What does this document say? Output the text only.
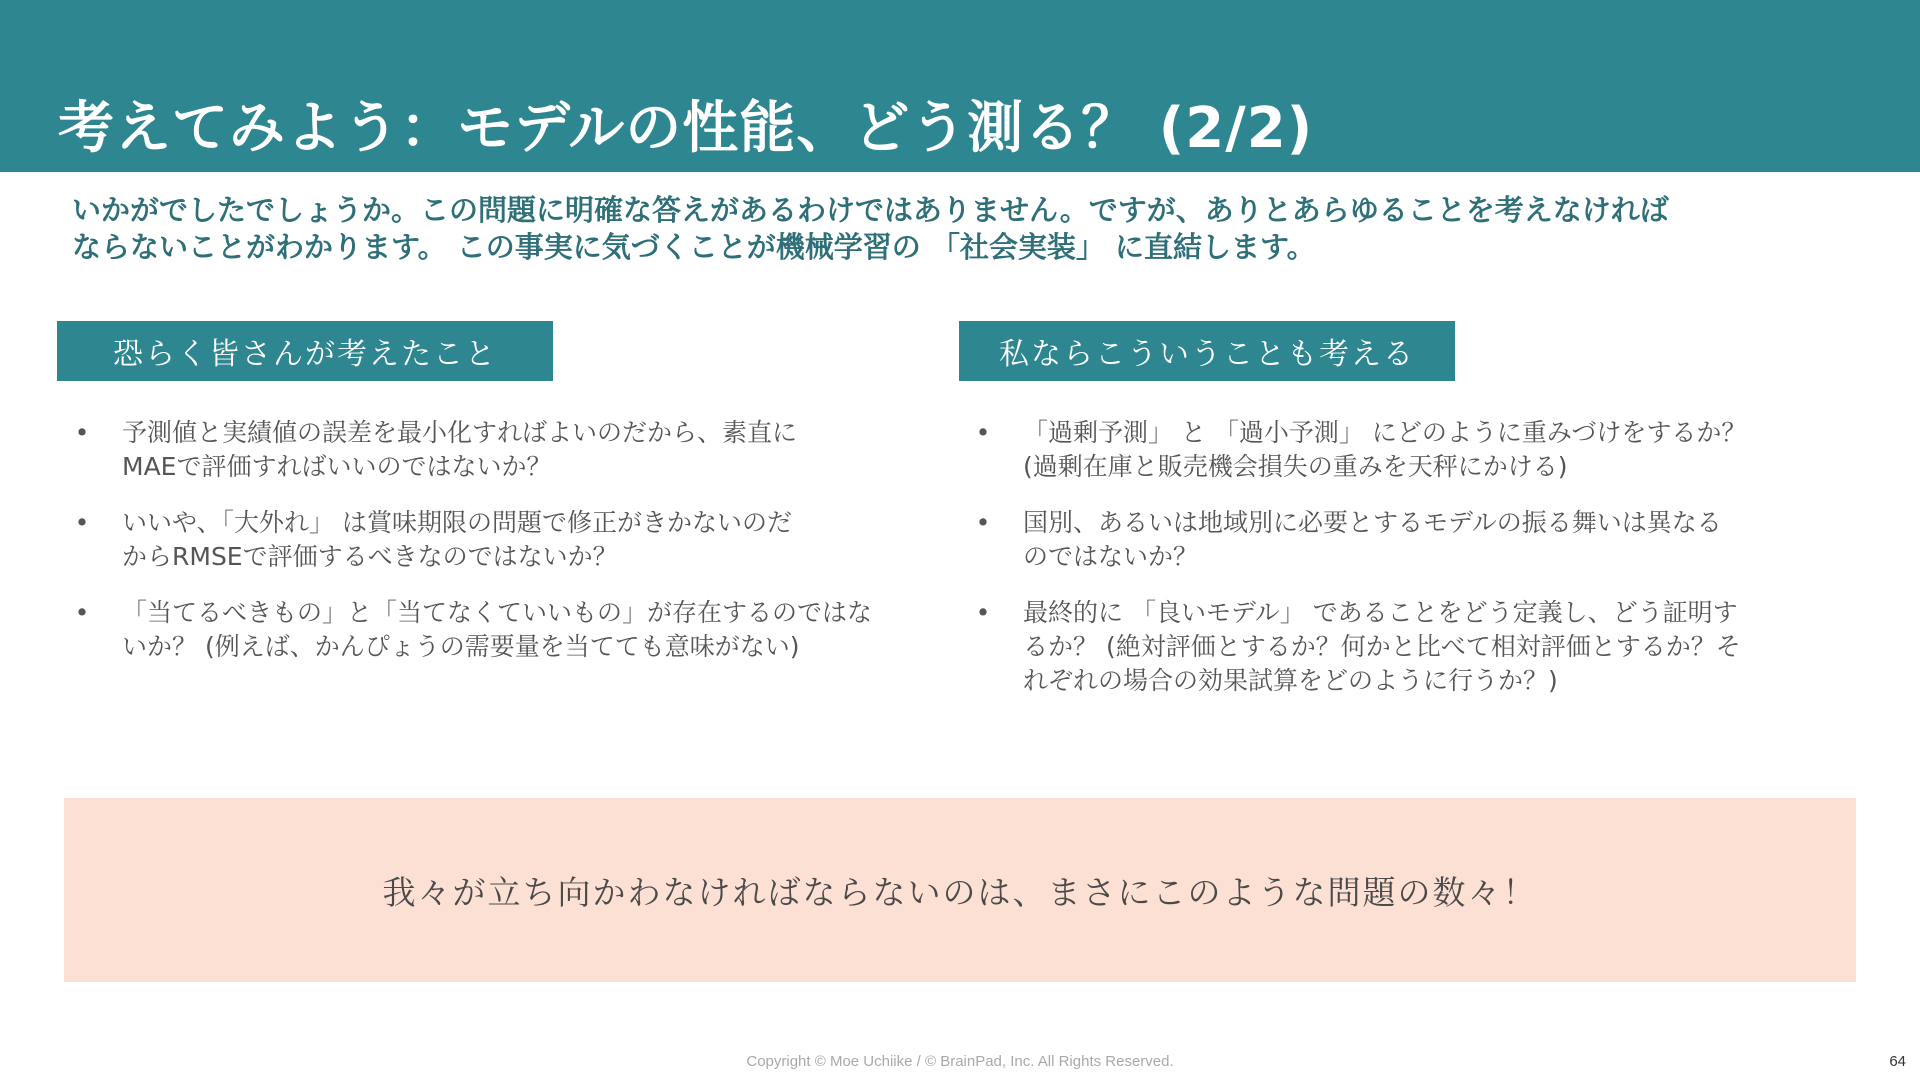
考えてみよう：モデルの性能、どう測る？ (2/2)
いかがでしたでしょうか。この問題に明確な答えがあるわけではありません。ですが、ありとあらゆることを考えなければ
ならないことがわかります。 この事実に気づくことが機械学習の 「社会実装」 に直結します。
恐らく皆さんが考えたこと	私ならこういうことも考える
• 予測値と実績値の誤差を最小化すればよいのだから、素直に
MAEで評価すればいいのではないか？
• いいや、「大外れ」 は賞味期限の問題で修正がきかないのだ
からRMSEで評価するべきなのではないか？
• 「当てるべきもの」と「当てなくていいもの」が存在するのではな
いか？ (例えば、かんぴょうの需要量を当てても意味がない)
• 「過剰予測」 と 「過小予測」 にどのように重みづけをするか？
(過剰在庫と販売機会損失の重みを天秤にかける)
• 国別、あるいは地域別に必要とするモデルの振る舞いは異なる
のではないか？
• 最終的に 「良いモデル」 であることをどう定義し、どう証明す
るか？ (絶対評価とするか？何かと比べて相対評価とするか？そ
れぞれの場合の効果試算をどのように行うか？)
我々が立ち向かわなければならないのは、まさにこのような問題の数々！
Copyright © Moe Uchiike / © BrainPad, Inc. All Rights Reserved.	64
